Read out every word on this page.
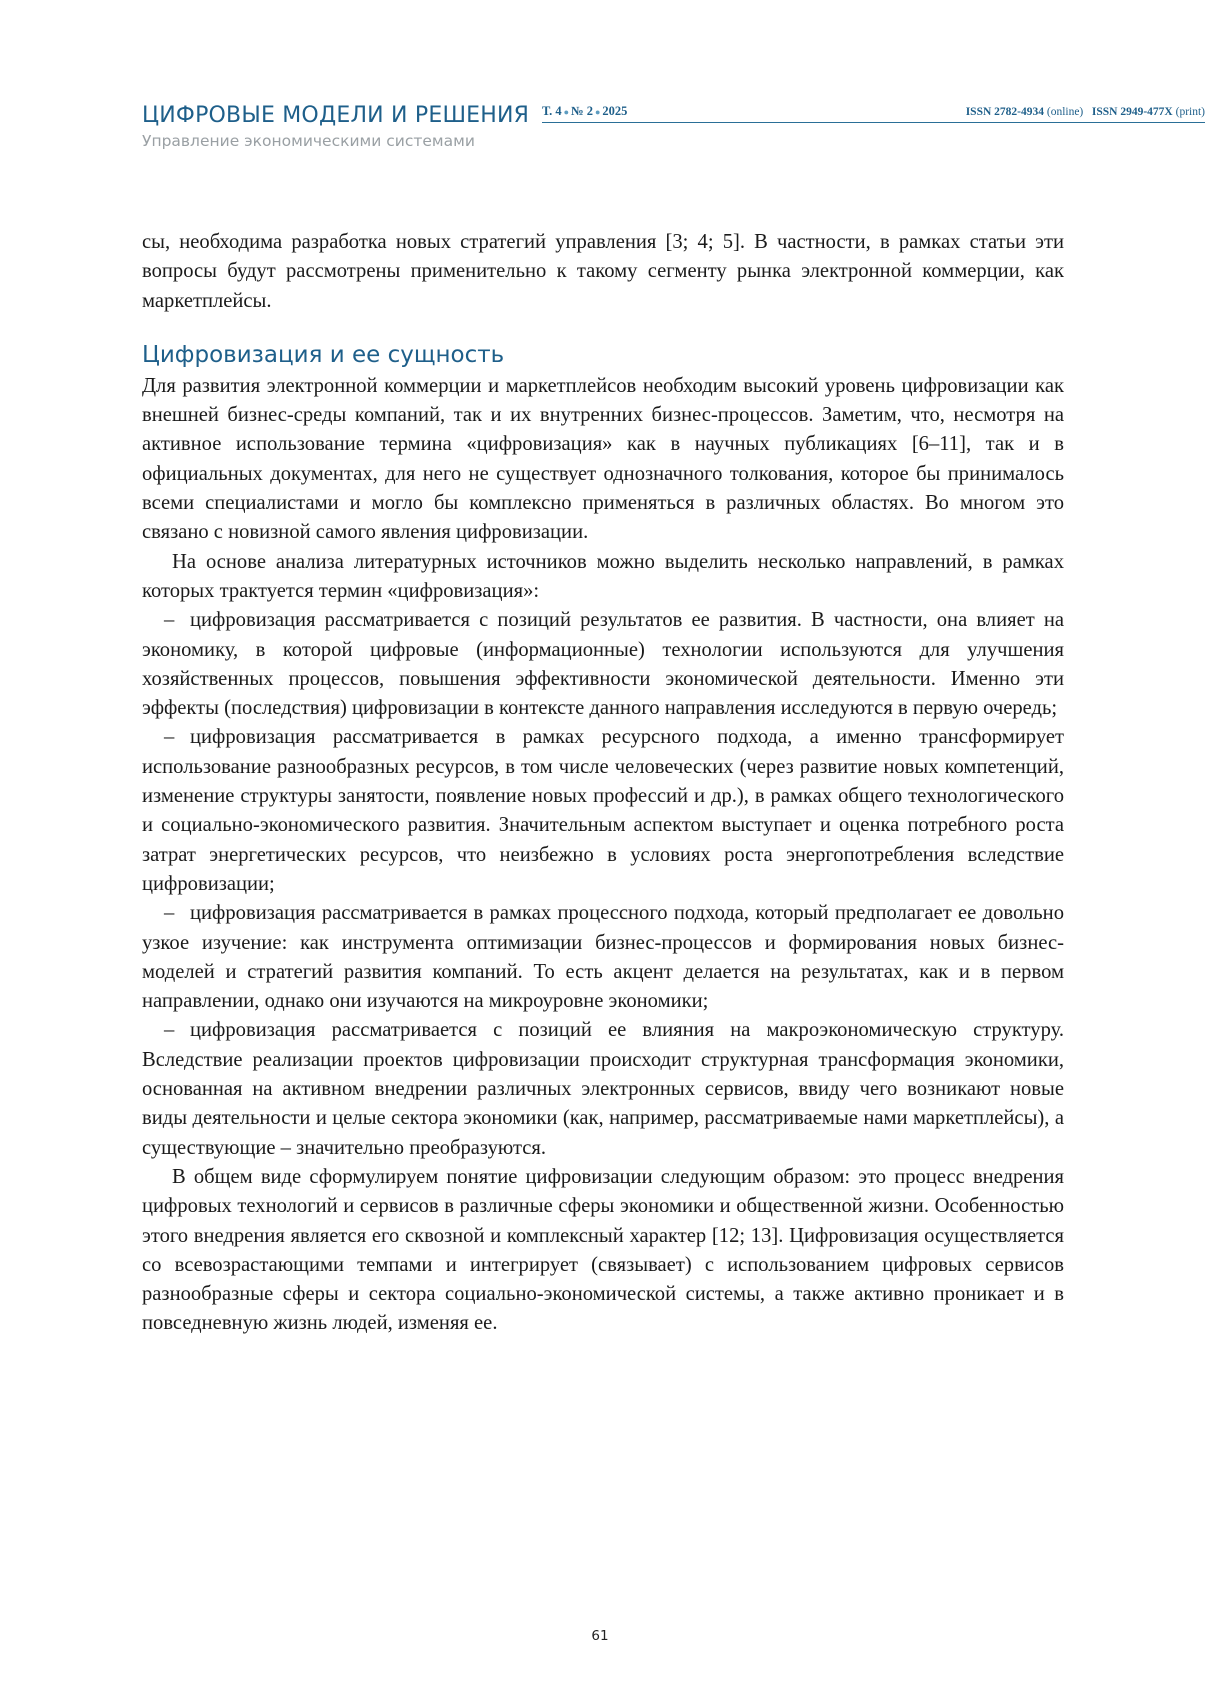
ЦИФРОВЫЕ МОДЕЛИ И РЕШЕНИЯ Т. 4 ● № 2 ● 2025	ISSN 2782-4934 (online) ISSN 2949-477X (print)
Управление экономическими системами

сы, необходима разработка новых стратегий управления [3; 4; 5]. В частности, в рамках статьи эти вопросы будут рассмотрены применительно к такому сегменту рынка электронной коммерции, как маркетплейсы.

Цифровизация и ее сущность

Для развития электронной коммерции и маркетплейсов необходим высокий уровень цифровизации как внешней бизнес-среды компаний, так и их внутренних бизнес-процессов. Заметим, что, несмотря на активное использование термина «цифровизация» как в научных публикациях [6–11], так и в официальных документах, для него не существует однозначного толкования, которое бы принималось всеми специалистами и могло бы комплексно применяться в различных областях. Во многом это связано с новизной самого явления цифровизации.

На основе анализа литературных источников можно выделить несколько направлений, в рамках которых трактуется термин «цифровизация»:

– цифровизация рассматривается с позиций результатов ее развития. В частности, она влияет на экономику, в которой цифровые (информационные) технологии используются для улучшения хозяйственных процессов, повышения эффективности экономической деятельности. Именно эти эффекты (последствия) цифровизации в контексте данного направления исследуются в первую очередь;

– цифровизация рассматривается в рамках ресурсного подхода, а именно трансформирует использование разнообразных ресурсов, в том числе человеческих (через развитие новых компетенций, изменение структуры занятости, появление новых профессий и др.), в рамках общего технологического и социально-экономического развития. Значительным аспектом выступает и оценка потребного роста затрат энергетических ресурсов, что неизбежно в условиях роста энергопотребления вследствие цифровизации;

– цифровизация рассматривается в рамках процессного подхода, который предполагает ее довольно узкое изучение: как инструмента оптимизации бизнес-процессов и формирования новых бизнес-моделей и стратегий развития компаний. То есть акцент делается на результатах, как и в первом направлении, однако они изучаются на микроуровне экономики;

– цифровизация рассматривается с позиций ее влияния на макроэкономическую структуру. Вследствие реализации проектов цифровизации происходит структурная трансформация экономики, основанная на активном внедрении различных электронных сервисов, ввиду чего возникают новые виды деятельности и целые сектора экономики (как, например, рассматриваемые нами маркетплейсы), а существующие – значительно преобразуются.

В общем виде сформулируем понятие цифровизации следующим образом: это процесс внедрения цифровых технологий и сервисов в различные сферы экономики и общественной жизни. Особенностью этого внедрения является его сквозной и комплексный характер [12; 13]. Цифровизация осуществляется со всевозрастающими темпами и интегрирует (связывает) с использованием цифровых сервисов разнообразные сферы и сектора социально-экономической системы, а также активно проникает и в повседневную жизнь людей, изменяя ее.

61
